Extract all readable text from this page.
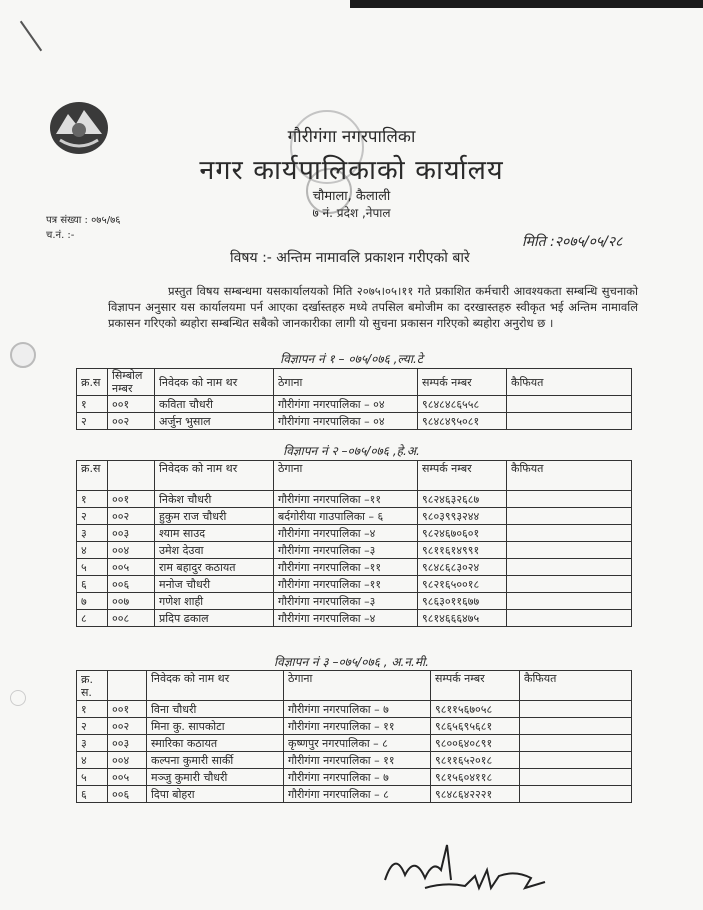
गौरीगंगा नगरपालिका
नगर कार्यपालिकाको कार्यालय
चौमाला, कैलाली
७ नं. प्रदेश ,नेपाल
पत्र संख्या : ०७५/७६
च.नं. :-	मिति :२०७५/०५/२८
विषय :- अन्तिम नामावलि प्रकाशन गरीएको बारे
प्रस्तुत विषय सम्बन्धमा यसकार्यालयको मिति २०७५।०५।११ गते प्रकाशित कर्मचारी आवश्यकता सम्बन्धि सुचनाको विज्ञापन अनुसार यस कार्यालयमा पर्न आएका दर्खास्तहरु मध्ये तपसिल बमोजीम का दरखास्तहरु स्वीकृत भई अन्तिम नामावलि प्रकासन गरिएको ब्यहोरा सम्बन्धित सबैको जानकारीका लागी यो सुचना प्रकासन गरिएको ब्यहोरा अनुरोध छ ।
विज्ञापन नं १ – ०७५/०७६ ,ल्या.टे
क्र.स	सिम्बोल नम्बर	निवेदक को नाम थर	ठेगाना	सम्पर्क नम्बर	कैफियत
१	००१	कविता चौधरी	गौरीगंगा नगरपालिका – ०४	९८४८४८६५५८	
२	००२	अर्जुन भुसाल	गौरीगंगा नगरपालिका – ०४	९८४८४९५०८१	
विज्ञापन नं २ –०७५/०७६ ,हे.अ.
क्र.स		निवेदक को नाम थर	ठेगाना	सम्पर्क नम्बर	कैफियत
१	००१	निकेश चौधरी	गौरीगंगा नगरपालिका –११	९८२४६३२६८७	
२	००२	हुकुम राज चौधरी	बर्दगोरीया गाउपालिका – ६	९८०३९९३२४४	
३	००३	श्याम साउद	गौरीगंगा नगरपालिका –४	९८२४६७०६०१	
४	००४	उमेश देउवा	गौरीगंगा नगरपालिका –३	९८११६१४९९१	
५	००५	राम बहादुर कठायत	गौरीगंगा नगरपालिका –११	९८४८६८३०२४	
६	००६	मनोज चौधरी	गौरीगंगा नगरपालिका –११	९८२१६५००१८	
७	००७	गणेश शाही	गौरीगंगा नगरपालिका –३	९८६३०११६७७	
८	००८	प्रदिप ढकाल	गौरीगंगा नगरपालिका –४	९८१४६६६४७५	
विज्ञापन नं ३ –०७५/०७६ , अ.न.मी.
क्र. स.		निवेदक को नाम थर	ठेगाना	सम्पर्क नम्बर	कैफियत
१	००१	विना चौधरी	गौरीगंगा नगरपालिका – ७	९८११५६७०५८	
२	००२	मिना कु. सापकोटा	गौरीगंगा नगरपालिका – ११	९८६५६९५६८१	
३	००३	स्मारिका कठायत	कृष्णपुर नगरपालिका – ८	९८००६४०८९१	
४	००४	कल्पना कुमारी सार्की	गौरीगंगा नगरपालिका – ११	९८११६५२०१८	
५	००५	मञ्जु कुमारी चौधरी	गौरीगंगा नगरपालिका – ७	९८१५६०४११८	
६	००६	दिपा बोहरा	गौरीगंगा नगरपालिका – ८	९८४८६४२२२१	
